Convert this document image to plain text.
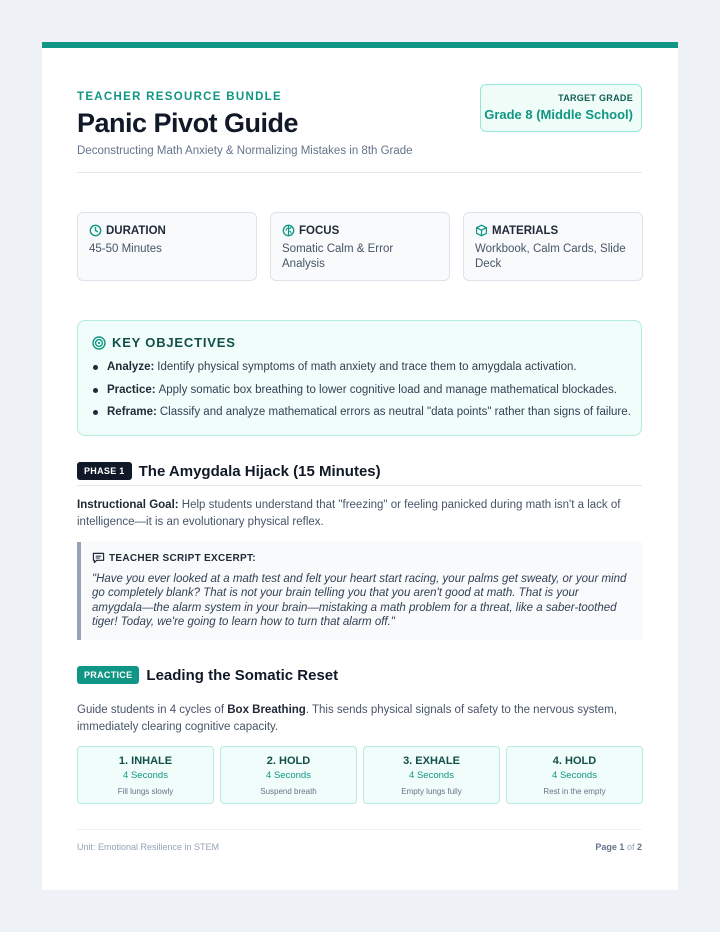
TEACHER RESOURCE BUNDLE
Panic Pivot Guide
Deconstructing Math Anxiety & Normalizing Mistakes in 8th Grade
TARGET GRADE
Grade 8 (Middle School)
DURATION
45-50 Minutes
FOCUS
Somatic Calm & Error Analysis
MATERIALS
Workbook, Calm Cards, Slide Deck
KEY OBJECTIVES
Analyze: Identify physical symptoms of math anxiety and trace them to amygdala activation.
Practice: Apply somatic box breathing to lower cognitive load and manage mathematical blockades.
Reframe: Classify and analyze mathematical errors as neutral "data points" rather than signs of failure.
PHASE 1 The Amygdala Hijack (15 Minutes)
Instructional Goal: Help students understand that "freezing" or feeling panicked during math isn't a lack of intelligence—it is an evolutionary physical reflex.
TEACHER SCRIPT EXCERPT:
"Have you ever looked at a math test and felt your heart start racing, your palms get sweaty, or your mind go completely blank? That is not your brain telling you that you aren't good at math. That is your amygdala—the alarm system in your brain—mistaking a math problem for a threat, like a saber-toothed tiger! Today, we're going to learn how to turn that alarm off."
PRACTICE Leading the Somatic Reset
Guide students in 4 cycles of Box Breathing. This sends physical signals of safety to the nervous system, immediately clearing cognitive capacity.
1. INHALE
4 Seconds
Fill lungs slowly
2. HOLD
4 Seconds
Suspend breath
3. EXHALE
4 Seconds
Empty lungs fully
4. HOLD
4 Seconds
Rest in the empty
Unit: Emotional Resilience in STEM	Page 1 of 2
